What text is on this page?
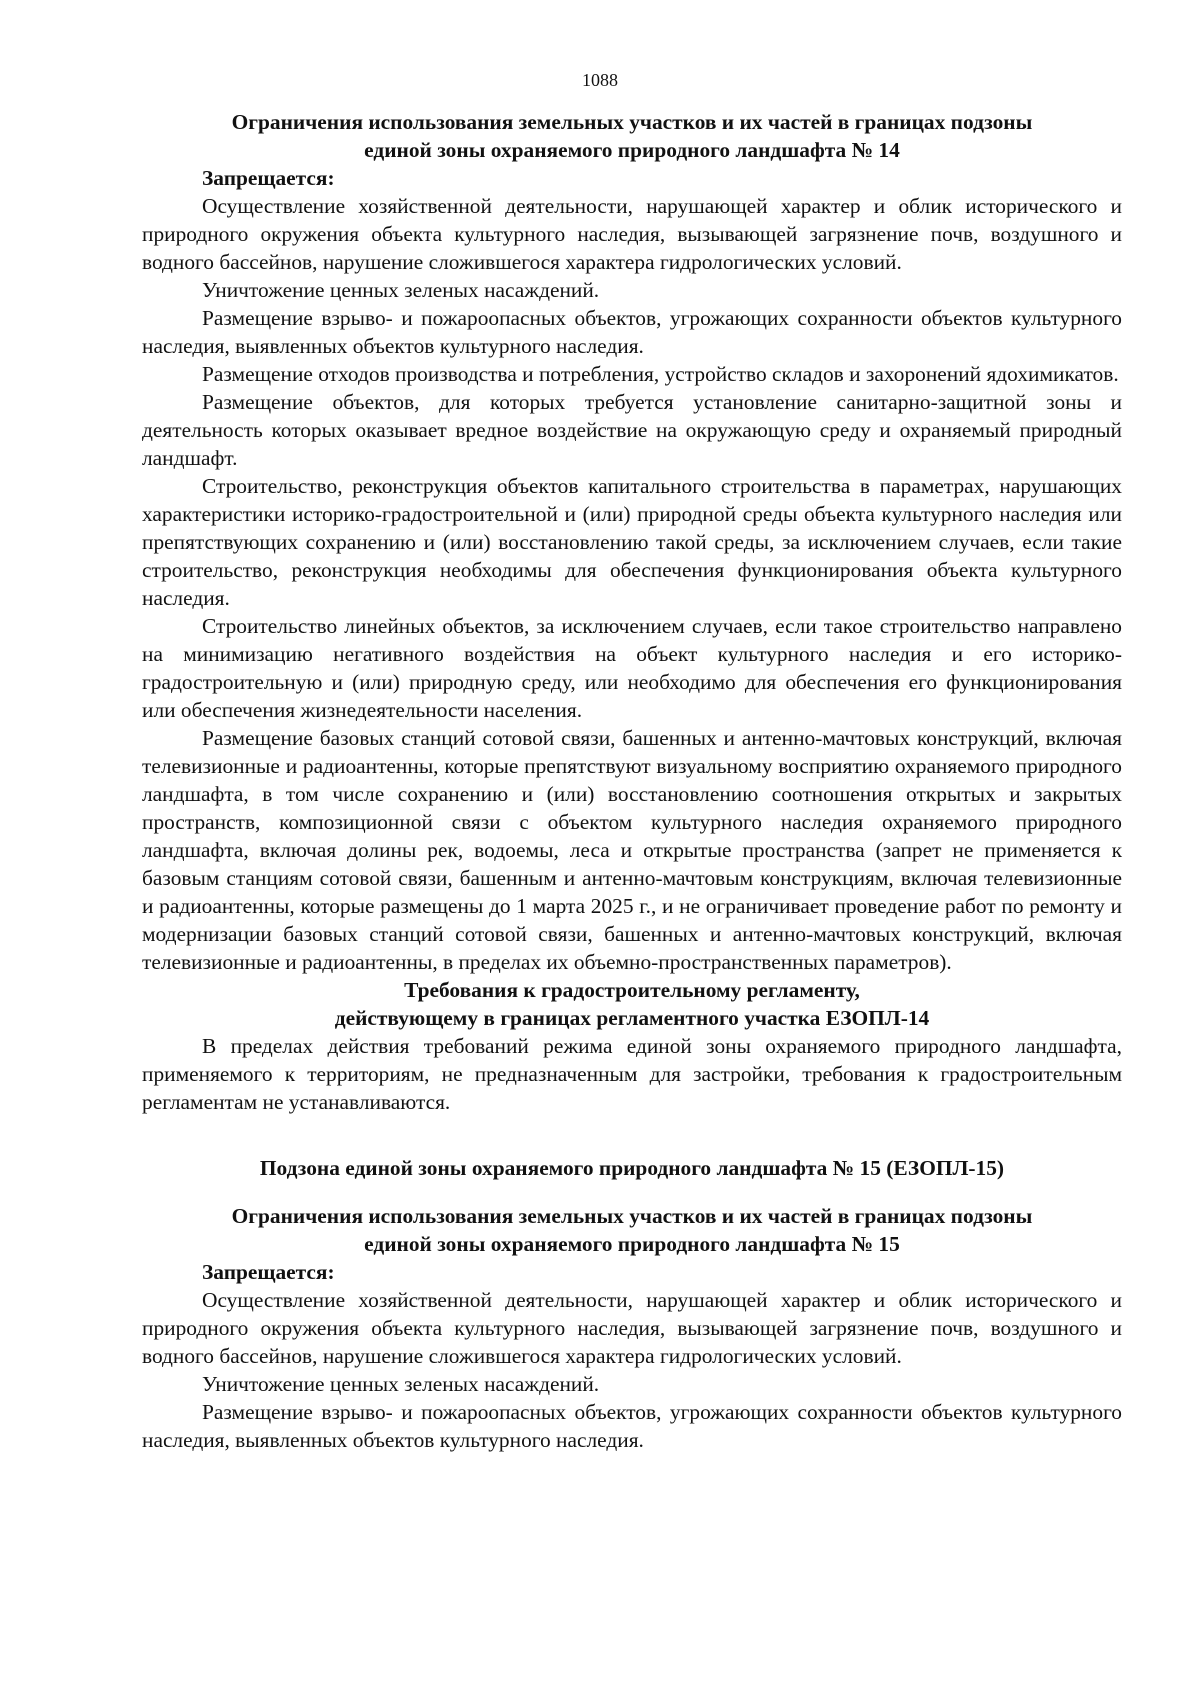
1088
Ограничения использования земельных участков и их частей в границах подзоны
единой зоны охраняемого природного ландшафта № 14

Запрещается:

Осуществление хозяйственной деятельности, нарушающей характер и облик исторического и природного окружения объекта культурного наследия, вызывающей загрязнение почв, воздушного и водного бассейнов, нарушение сложившегося характера гидрологических условий.

Уничтожение ценных зеленых насаждений.

Размещение взрыво- и пожароопасных объектов, угрожающих сохранности объектов культурного наследия, выявленных объектов культурного наследия.

Размещение отходов производства и потребления, устройство складов и захоронений ядохимикатов.

Размещение объектов, для которых требуется установление санитарно-защитной зоны и деятельность которых оказывает вредное воздействие на окружающую среду и охраняемый природный ландшафт.

Строительство, реконструкция объектов капитального строительства в параметрах, нарушающих характеристики историко-градостроительной и (или) природной среды объекта культурного наследия или препятствующих сохранению и (или) восстановлению такой среды, за исключением случаев, если такие строительство, реконструкция необходимы для обеспечения функционирования объекта культурного наследия.

Строительство линейных объектов, за исключением случаев, если такое строительство направлено на минимизацию негативного воздействия на объект культурного наследия и его историко-градостроительную и (или) природную среду, или необходимо для обеспечения его функционирования или обеспечения жизнедеятельности населения.

Размещение базовых станций сотовой связи, башенных и антенно-мачтовых конструкций, включая телевизионные и радиоантенны, которые препятствуют визуальному восприятию охраняемого природного ландшафта, в том числе сохранению и (или) восстановлению соотношения открытых и закрытых пространств, композиционной связи с объектом культурного наследия охраняемого природного ландшафта, включая долины рек, водоемы, леса и открытые пространства (запрет не применяется к базовым станциям сотовой связи, башенным и антенно-мачтовым конструкциям, включая телевизионные и радиоантенны, которые размещены до 1 марта 2025 г., и не ограничивает проведение работ по ремонту и модернизации базовых станций сотовой связи, башенных и антенно-мачтовых конструкций, включая телевизионные и радиоантенны, в пределах их объемно-пространственных параметров).

Требования к градостроительному регламенту,
действующему в границах регламентного участка ЕЗОПЛ-14

В пределах действия требований режима единой зоны охраняемого природного ландшафта, применяемого к территориям, не предназначенным для застройки, требования к градостроительным регламентам не устанавливаются.

Подзона единой зоны охраняемого природного ландшафта № 15 (ЕЗОПЛ-15)

Ограничения использования земельных участков и их частей в границах подзоны
единой зоны охраняемого природного ландшафта № 15

Запрещается:

Осуществление хозяйственной деятельности, нарушающей характер и облик исторического и природного окружения объекта культурного наследия, вызывающей загрязнение почв, воздушного и водного бассейнов, нарушение сложившегося характера гидрологических условий.

Уничтожение ценных зеленых насаждений.

Размещение взрыво- и пожароопасных объектов, угрожающих сохранности объектов культурного наследия, выявленных объектов культурного наследия.
